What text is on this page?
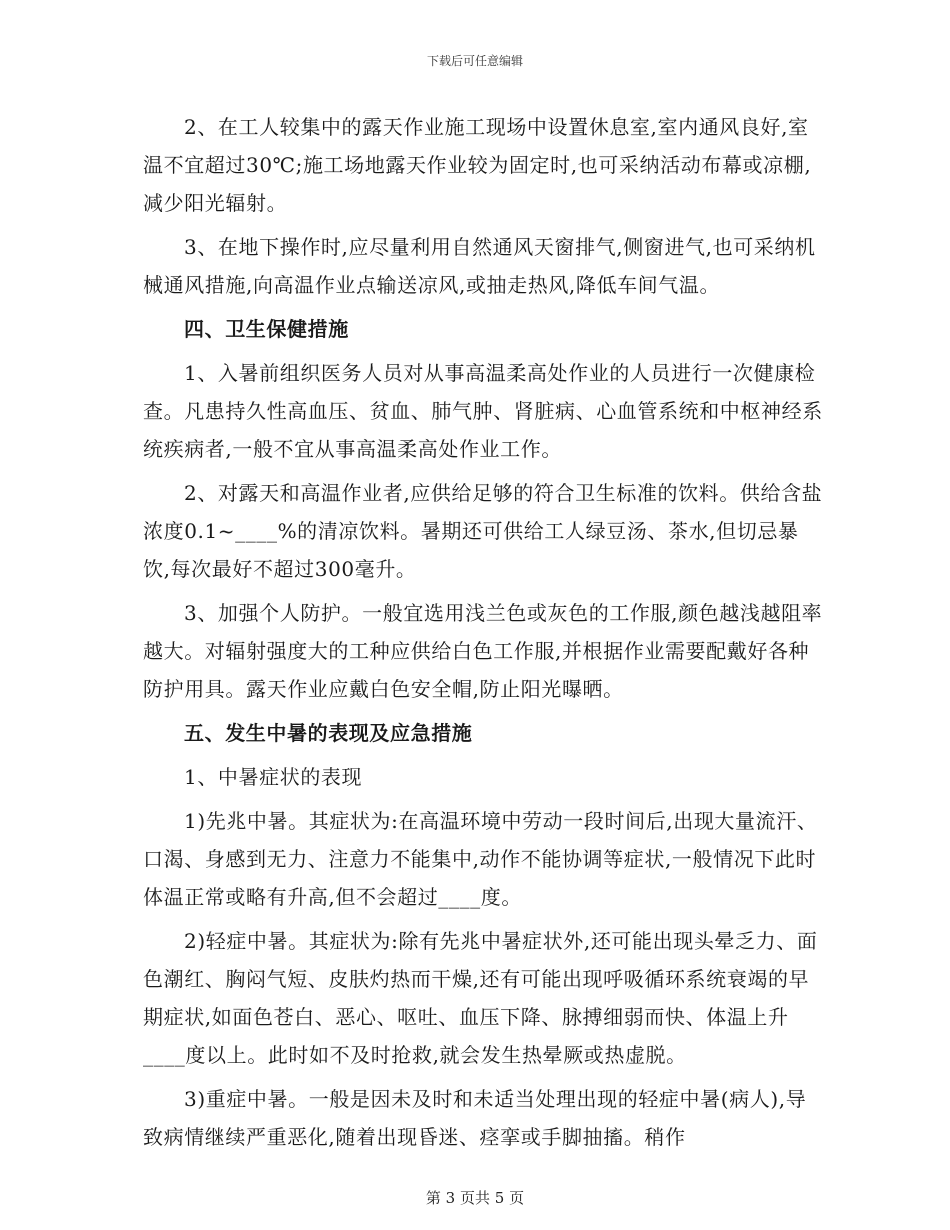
下载后可任意编辑

2、在工人较集中的露天作业施工现场中设置休息室,室内通风良好,室温不宜超过30℃;施工场地露天作业较为固定时,也可采纳活动布幕或凉棚,减少阳光辐射。

3、在地下操作时,应尽量利用自然通风天窗排气,侧窗进气,也可采纳机械通风措施,向高温作业点输送凉风,或抽走热风,降低车间气温。

四、卫生保健措施

1、入暑前组织医务人员对从事高温柔高处作业的人员进行一次健康检查。凡患持久性高血压、贫血、肺气肿、肾脏病、心血管系统和中枢神经系统疾病者,一般不宜从事高温柔高处作业工作。

2、对露天和高温作业者,应供给足够的符合卫生标准的饮料。供给含盐浓度0.1~____%的清凉饮料。暑期还可供给工人绿豆汤、茶水,但切忌暴饮,每次最好不超过300毫升。

3、加强个人防护。一般宜选用浅兰色或灰色的工作服,颜色越浅越阻率越大。对辐射强度大的工种应供给白色工作服,并根据作业需要配戴好各种防护用具。露天作业应戴白色安全帽,防止阳光曝晒。

五、发生中暑的表现及应急措施

1、中暑症状的表现

1)先兆中暑。其症状为:在高温环境中劳动一段时间后,出现大量流汗、口渴、身感到无力、注意力不能集中,动作不能协调等症状,一般情况下此时体温正常或略有升高,但不会超过____度。

2)轻症中暑。其症状为:除有先兆中暑症状外,还可能出现头晕乏力、面色潮红、胸闷气短、皮肤灼热而干燥,还有可能出现呼吸循环系统衰竭的早期症状,如面色苍白、恶心、呕吐、血压下降、脉搏细弱而快、体温上升____度以上。此时如不及时抢救,就会发生热晕厥或热虚脱。

3)重症中暑。一般是因未及时和未适当处理出现的轻症中暑(病人),导致病情继续严重恶化,随着出现昏迷、痉挛或手脚抽搐。稍作

第 3 页共 5 页
